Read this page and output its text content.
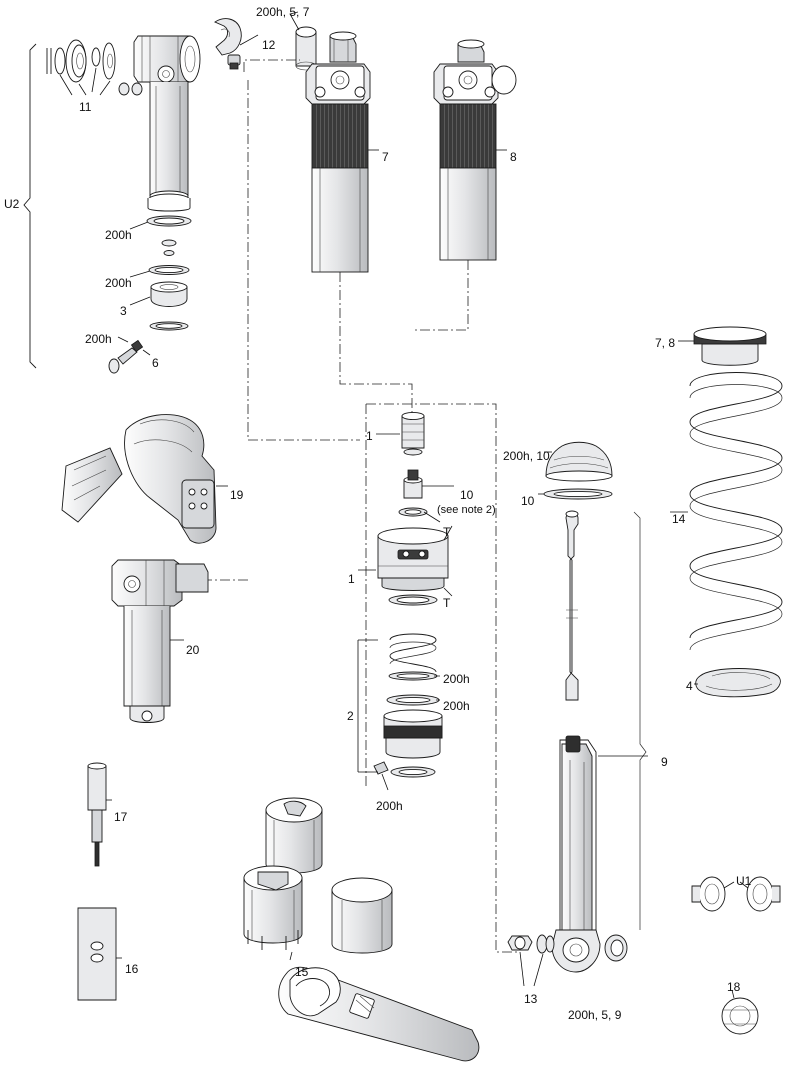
U2
11
12
200h, 5, 7
200h
200h
3
200h
6
7	8
7, 8
14
4
1
10
(see note 2)
T
1
T
200h, 10
10
19
20
2
200h
200h
200h
9
17
16	15
13
200h, 5, 9
U1
18
